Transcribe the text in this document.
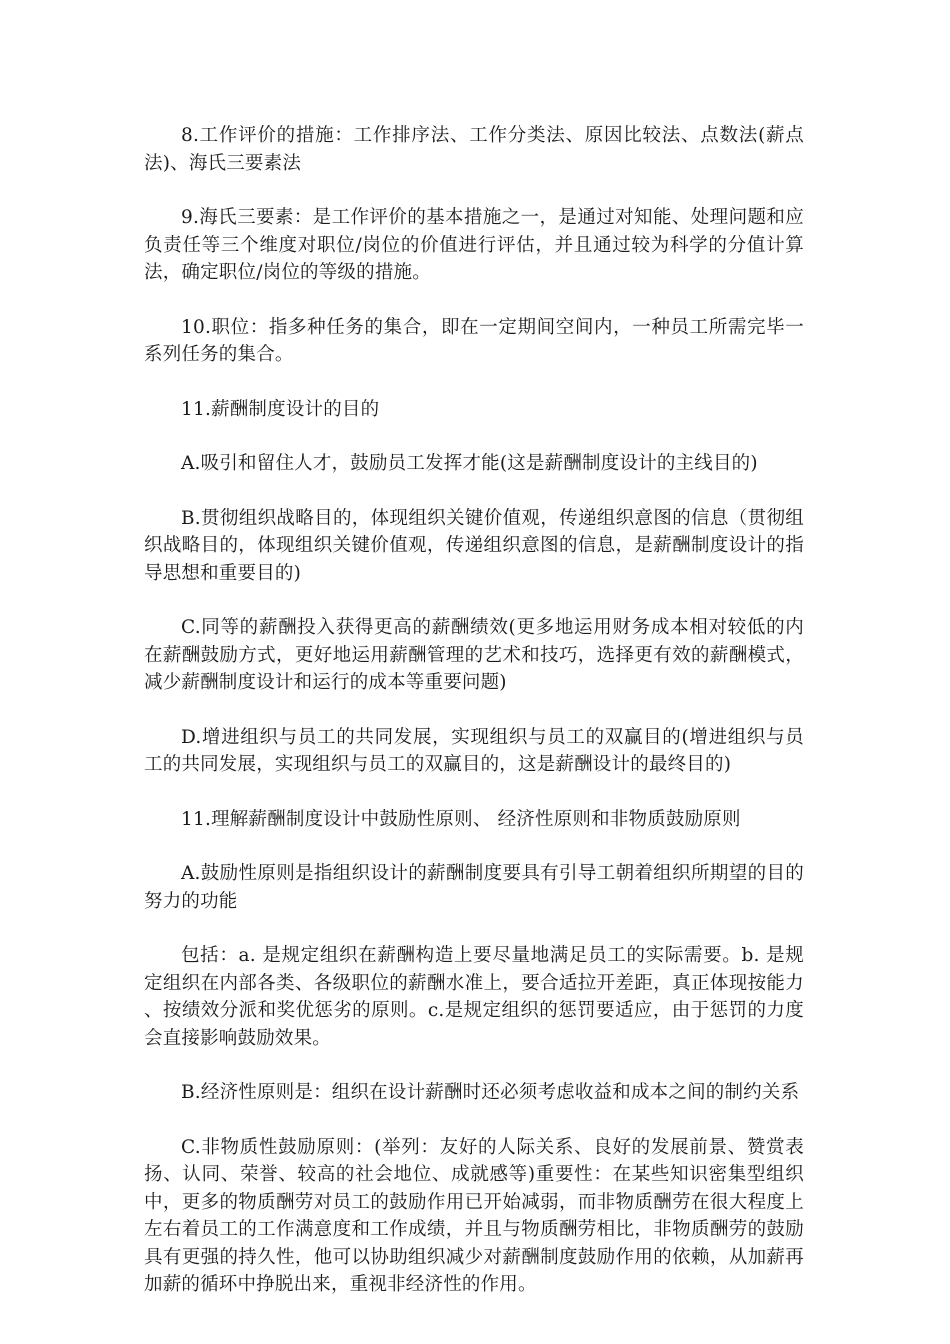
8.工作评价的措施：工作排序法、工作分类法、原因比较法、点数法(薪点法)、海氏三要素法

9.海氏三要素：是工作评价的基本措施之一，是通过对知能、处理问题和应负责任等三个维度对职位/岗位的价值进行评估，并且通过较为科学的分值计算法，确定职位/岗位的等级的措施。

10.职位：指多种任务的集合，即在一定期间空间内，一种员工所需完毕一系列任务的集合。

11.薪酬制度设计的目的

A.吸引和留住人才，鼓励员工发挥才能(这是薪酬制度设计的主线目的)

B.贯彻组织战略目的，体现组织关键价值观，传递组织意图的信息（贯彻组织战略目的，体现组织关键价值观，传递组织意图的信息，是薪酬制度设计的指导思想和重要目的)

C.同等的薪酬投入获得更高的薪酬绩效(更多地运用财务成本相对较低的内在薪酬鼓励方式，更好地运用薪酬管理的艺术和技巧，选择更有效的薪酬模式，减少薪酬制度设计和运行的成本等重要问题)

D.增进组织与员工的共同发展，实现组织与员工的双赢目的(增进组织与员工的共同发展，实现组织与员工的双赢目的，这是薪酬设计的最终目的)

11.理解薪酬制度设计中鼓励性原则、 经济性原则和非物质鼓励原则

A.鼓励性原则是指组织设计的薪酬制度要具有引导工朝着组织所期望的目的努力的功能

包括：a. 是规定组织在薪酬构造上要尽量地满足员工的实际需要。b. 是规定组织在内部各类、各级职位的薪酬水准上，要合适拉开差距，真正体现按能力、按绩效分派和奖优惩劣的原则。c.是规定组织的惩罚要适应，由于惩罚的力度会直接影响鼓励效果。

B.经济性原则是：组织在设计薪酬时还必须考虑收益和成本之间的制约关系

C.非物质性鼓励原则：(举列：友好的人际关系、良好的发展前景、赞赏表扬、认同、荣誉、较高的社会地位、成就感等)重要性：在某些知识密集型组织中，更多的物质酬劳对员工的鼓励作用已开始减弱，而非物质酬劳在很大程度上左右着员工的工作满意度和工作成绩，并且与物质酬劳相比，非物质酬劳的鼓励具有更强的持久性，他可以协助组织减少对薪酬制度鼓励作用的依赖，从加薪再加薪的循环中挣脱出来，重视非经济性的作用。
